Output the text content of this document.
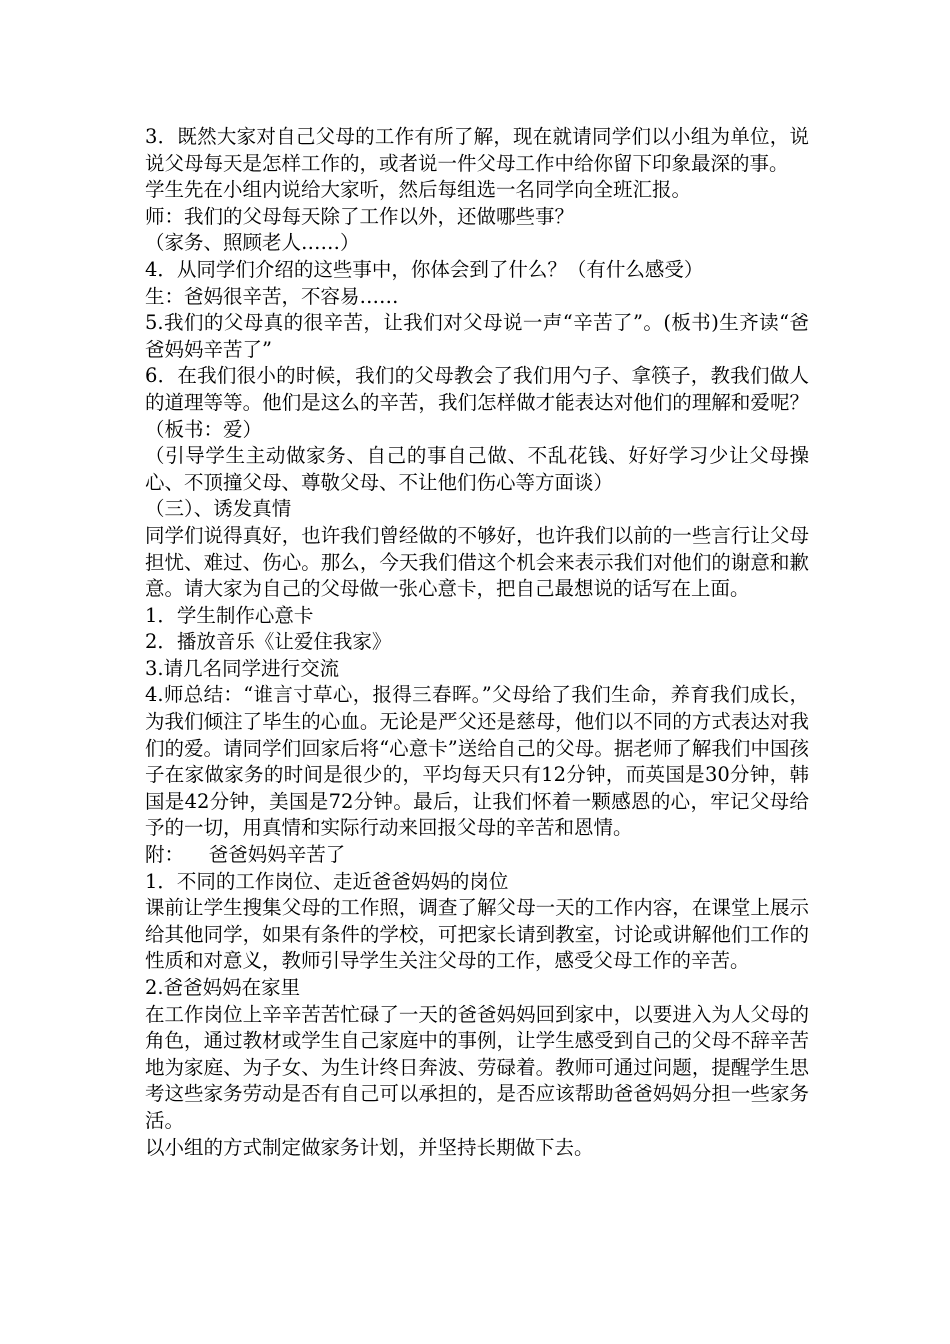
3．既然大家对自己父母的工作有所了解，现在就请同学们以小组为单位，说说父母每天是怎样工作的，或者说一件父母工作中给你留下印象最深的事。

学生先在小组内说给大家听，然后每组选一名同学向全班汇报。

师：我们的父母每天除了工作以外，还做哪些事？

（家务、照顾老人……）

4．从同学们介绍的这些事中，你体会到了什么？（有什么感受）

生：爸妈很辛苦，不容易……

5.我们的父母真的很辛苦，让我们对父母说一声“辛苦了”。(板书)生齐读“爸爸妈妈辛苦了”

6．在我们很小的时候，我们的父母教会了我们用勺子、拿筷子，教我们做人的道理等等。他们是这么的辛苦，我们怎样做才能表达对他们的理解和爱呢？（板书：爱）

（引导学生主动做家务、自己的事自己做、不乱花钱、好好学习少让父母操心、不顶撞父母、尊敬父母、不让他们伤心等方面谈）

（三）、诱发真情

同学们说得真好，也许我们曾经做的不够好，也许我们以前的一些言行让父母担忧、难过、伤心。那么，今天我们借这个机会来表示我们对他们的谢意和歉意。请大家为自己的父母做一张心意卡，把自己最想说的话写在上面。

1．学生制作心意卡

2．播放音乐《让爱住我家》

3.请几名同学进行交流

4.师总结：“谁言寸草心，报得三春晖。”父母给了我们生命，养育我们成长，为我们倾注了毕生的心血。无论是严父还是慈母，他们以不同的方式表达对我们的爱。请同学们回家后将“心意卡”送给自己的父母。据老师了解我们中国孩子在家做家务的时间是很少的，平均每天只有12分钟，而英国是30分钟，韩国是42分钟，美国是72分钟。最后，让我们怀着一颗感恩的心，牢记父母给予的一切，用真情和实际行动来回报父母的辛苦和恩情。

附：    爸爸妈妈辛苦了

1．不同的工作岗位、走近爸爸妈妈的岗位

课前让学生搜集父母的工作照，调查了解父母一天的工作内容，在课堂上展示给其他同学，如果有条件的学校，可把家长请到教室，讨论或讲解他们工作的性质和对意义，教师引导学生关注父母的工作，感受父母工作的辛苦。

2.爸爸妈妈在家里

在工作岗位上辛辛苦苦忙碌了一天的爸爸妈妈回到家中，以要进入为人父母的角色，通过教材或学生自己家庭中的事例，让学生感受到自己的父母不辞辛苦地为家庭、为子女、为生计终日奔波、劳碌着。教师可通过问题，提醒学生思考这些家务劳动是否有自己可以承担的，是否应该帮助爸爸妈妈分担一些家务活。

以小组的方式制定做家务计划，并坚持长期做下去。
